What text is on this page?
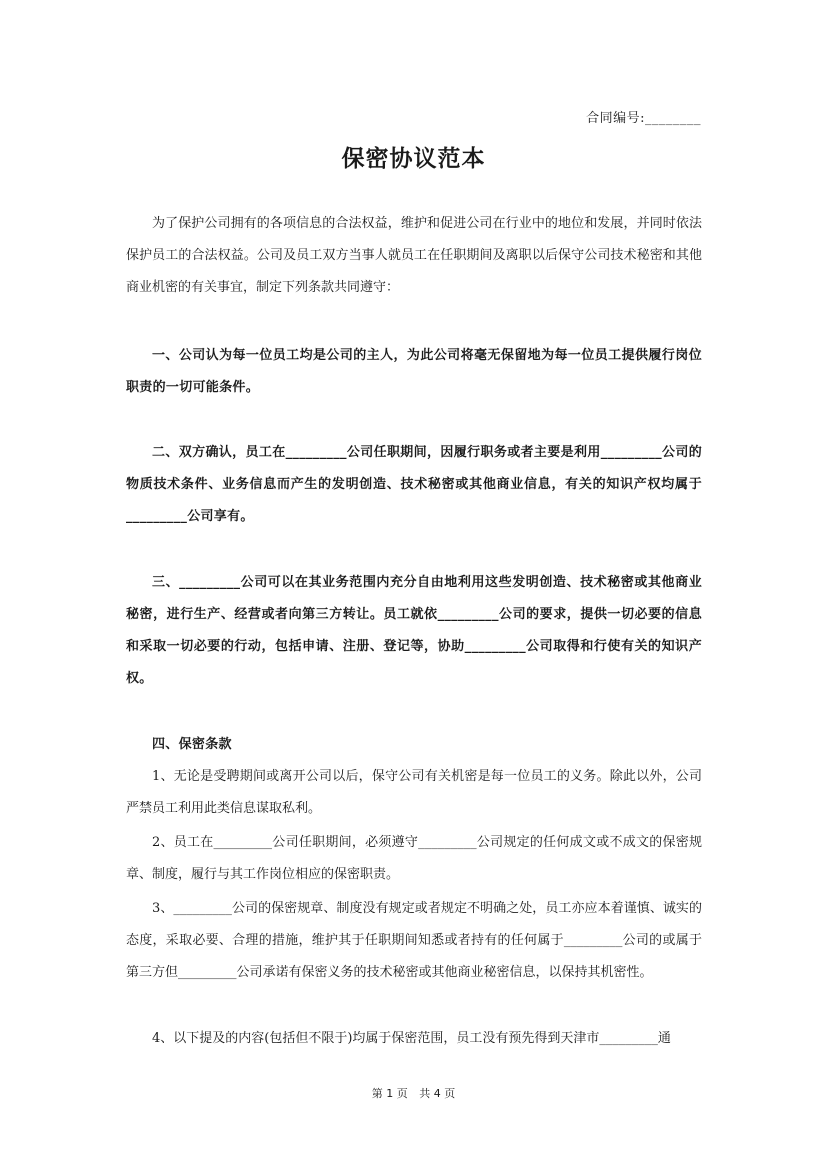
合同编号:________
保密协议范本
为了保护公司拥有的各项信息的合法权益，维护和促进公司在行业中的地位和发展，并同时依法保护员工的合法权益。公司及员工双方当事人就员工在任职期间及离职以后保守公司技术秘密和其他商业机密的有关事宜，制定下列条款共同遵守：
一、公司认为每一位员工均是公司的主人，为此公司将毫无保留地为每一位员工提供履行岗位职责的一切可能条件。
二、双方确认，员工在_________公司任职期间，因履行职务或者主要是利用_________公司的物质技术条件、业务信息而产生的发明创造、技术秘密或其他商业信息，有关的知识产权均属于_________公司享有。
三、_________公司可以在其业务范围内充分自由地利用这些发明创造、技术秘密或其他商业秘密，进行生产、经营或者向第三方转让。员工就依_________公司的要求，提供一切必要的信息和采取一切必要的行动，包括申请、注册、登记等，协助_________公司取得和行使有关的知识产权。
四、保密条款
1、无论是受聘期间或离开公司以后，保守公司有关机密是每一位员工的义务。除此以外，公司严禁员工利用此类信息谋取私利。
2、员工在_________公司任职期间，必须遵守_________公司规定的任何成文或不成文的保密规章、制度，履行与其工作岗位相应的保密职责。
3、_________公司的保密规章、制度没有规定或者规定不明确之处，员工亦应本着谨慎、诚实的态度，采取必要、合理的措施，维护其于任职期间知悉或者持有的任何属于_________公司的或属于第三方但_________公司承诺有保密义务的技术秘密或其他商业秘密信息，以保持其机密性。
4、以下提及的内容(包括但不限于)均属于保密范围，员工没有预先得到天津市_________通
第 1 页 共 4 页
